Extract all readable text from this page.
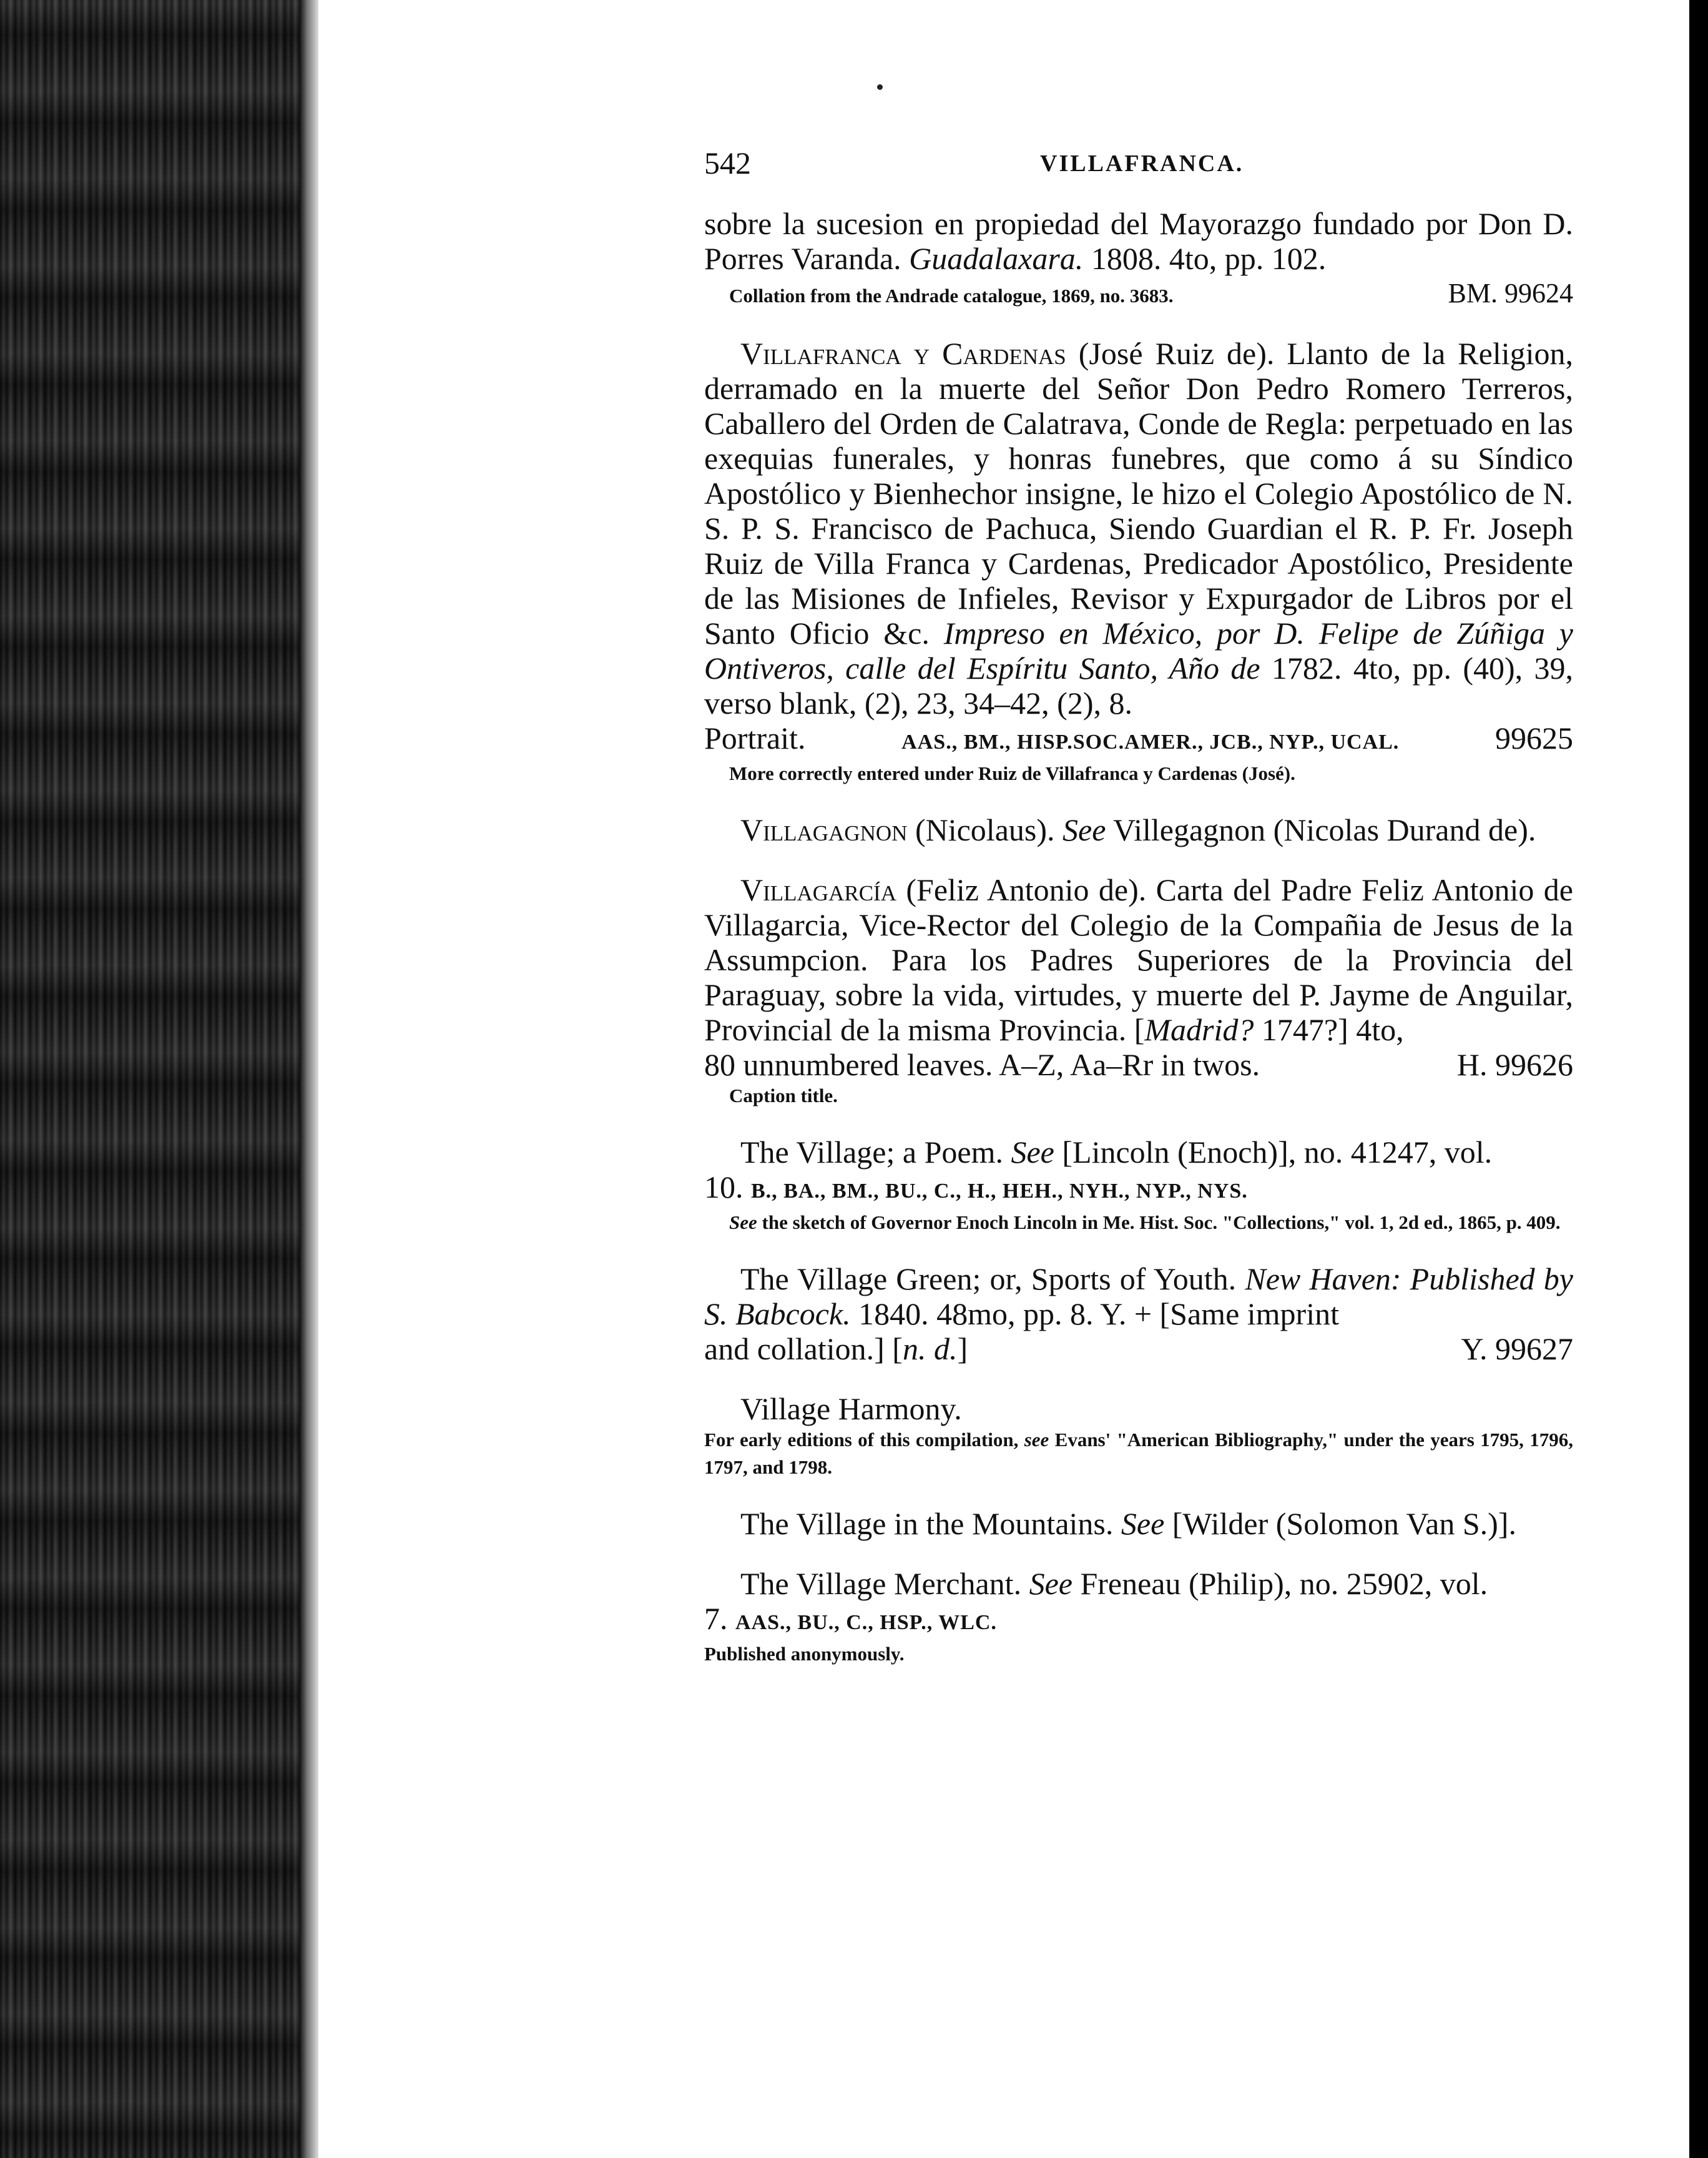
542	VILLAFRANCA.

sobre la sucesion en propiedad del Mayorazgo fundado por Don D. Porres Varanda. Guadalaxara. 1808. 4to, pp. 102.

Collation from the Andrade catalogue, 1869, no. 3683.	BM. 99624

Villafranca y Cardenas (José Ruiz de). Llanto de la Religion, derramado en la muerte del Señor Don Pedro Romero Terreros, Caballero del Orden de Calatrava, Conde de Regla: perpetuado en las exequias funerales, y honras funebres, que como á su Síndico Apostólico y Bienhechor insigne, le hizo el Colegio Apostólico de N. S. P. S. Francisco de Pachuca, Siendo Guardian el R. P. Fr. Joseph Ruiz de Villa Franca y Cardenas, Predicador Apostólico, Presidente de las Misiones de Infieles, Revisor y Expurgador de Libros por el Santo Oficio &c. Impreso en México, por D. Felipe de Zúñiga y Ontiveros, calle del Espíritu Santo, Año de 1782. 4to, pp. (40), 39, verso blank, (2), 23, 34–42, (2), 8.

Portrait.	AAS., BM., HISP.SOC.AMER., JCB., NYP., UCAL.	99625

More correctly entered under Ruiz de Villafranca y Cardenas (José).

Villagagnon (Nicolaus). See Villegagnon (Nicolas Durand de).

Villagarcía (Feliz Antonio de). Carta del Padre Feliz Antonio de Villagarcia, Vice-Rector del Colegio de la Compañia de Jesus de la Assumpcion. Para los Padres Superiores de la Provincia del Paraguay, sobre la vida, virtudes, y muerte del P. Jayme de Anguilar, Provincial de la misma Provincia. [Madrid? 1747?] 4to,

80 unnumbered leaves. A–Z, Aa–Rr in twos.	H. 99626

Caption title.

The Village; a Poem. See [Lincoln (Enoch)], no. 41247, vol.

10. B., BA., BM., BU., C., H., HEH., NYH., NYP., NYS.

See the sketch of Governor Enoch Lincoln in Me. Hist. Soc. "Collections," vol. 1, 2d ed., 1865, p. 409.

The Village Green; or, Sports of Youth. New Haven: Published by S. Babcock. 1840. 48mo, pp. 8. Y. + [Same imprint

and collation.] [n. d.]	Y. 99627

Village Harmony.

For early editions of this compilation, see Evans' "American Bibliography," under the years 1795, 1796, 1797, and 1798.

The Village in the Mountains. See [Wilder (Solomon Van S.)].

The Village Merchant. See Freneau (Philip), no. 25902, vol.

7. AAS., BU., C., HSP., WLC.

Published anonymously.
